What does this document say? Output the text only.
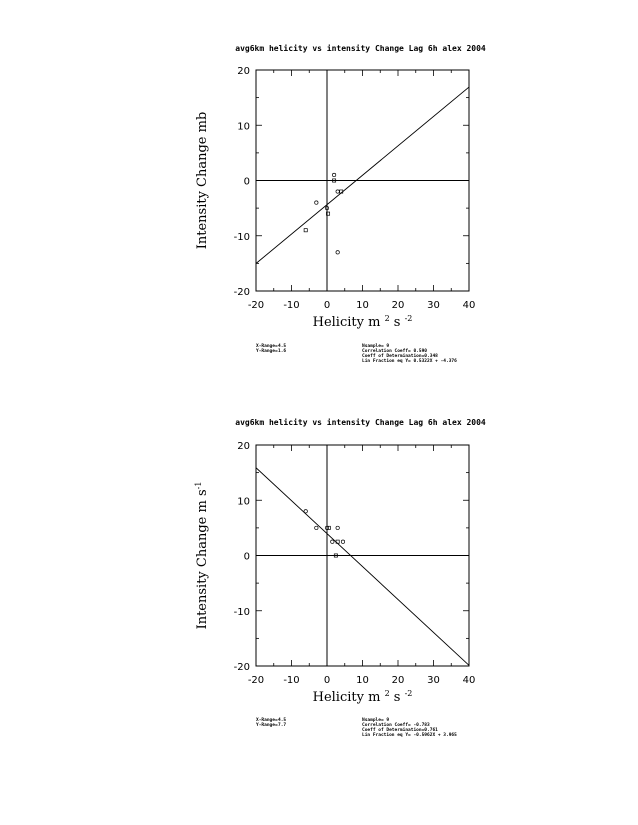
avg6km helicity vs intensity Change Lag 6h alex 2004
-20 -10 0	10 20 30 40
-20
-10
0
10
20
Helicity m $^2$ s $^{-2}$
Intensity Change mb
X-Range= 4.5
Y-Range= 1.6
Nsample= 9
Correlation Coeff= 0.590
Coeff of Determination=0.348
Lin Fraction eq Y= 0.5322X + -4.376
avg6km helicity vs intensity Change Lag 6h alex 2004
-20 -10 0	10 20 30 40
-20
-10
0
10
20
Helicity m $^2$ s $^{-2}$
Intensity Change m $s^{-1}$
X-Range= 4.5
Y-Range= 7.7
Nsample= 9
Correlation Coeff= -0.783
Coeff of Determination=0.761
Lin Fraction eq Y= -0.5962X + 3.965
